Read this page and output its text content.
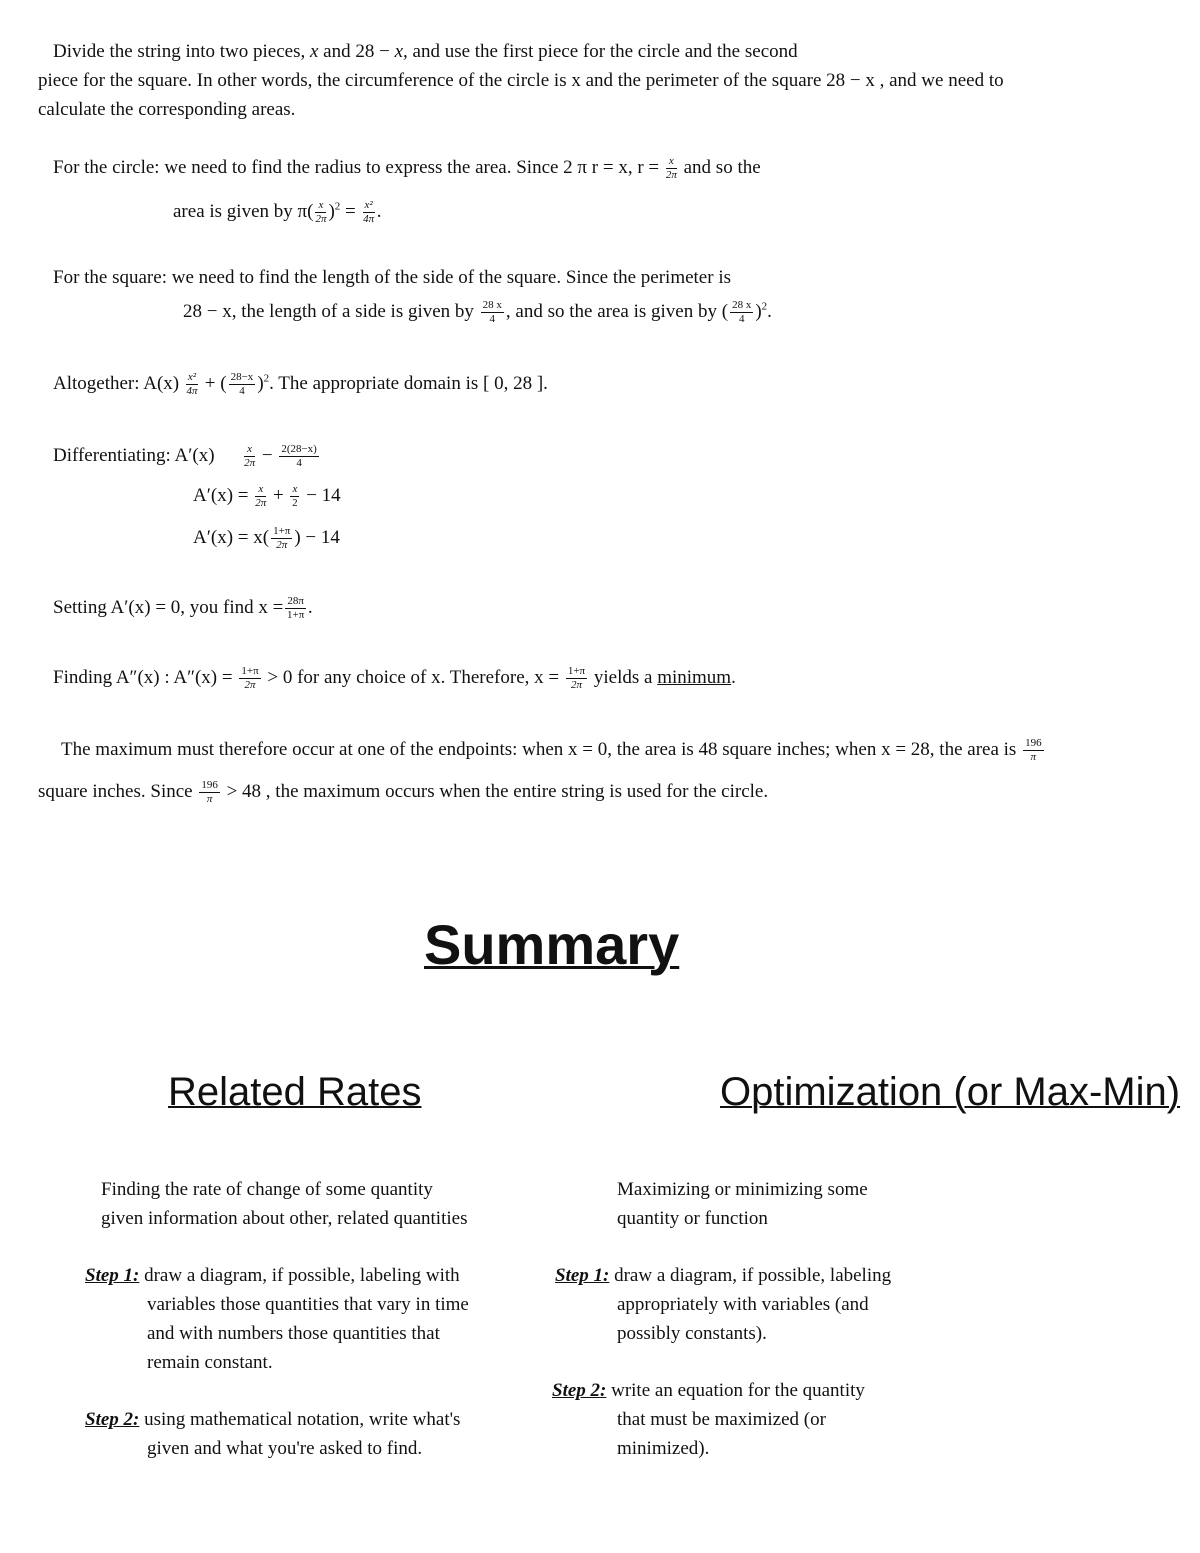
Divide the string into two pieces, x and 28 − x, and use the first piece for the circle and the second
piece for the square. In other words, the circumference of the circle is x and the perimeter of the square 28 − x , and we need to
calculate the corresponding areas.
For the circle: we need to find the radius to express the area. Since 2 π r = x, $r = \frac{x}{2\pi}$ and so the
area is given by $\pi( \frac{x}{2\pi} )^2 = \frac{\text{x²}}{4\pi}$ .
For the square: we need to find the length of the side of the square. Since the perimeter is
28 − x, the length of a side is given by $\frac{28 x}{4}$ , and so the area is given by ( $\frac{28 x}{4} )^2$.
Altogether: $A(x) \frac{\text{x²}}{4\pi}$ + ( $\frac{28-x}{4} )^2$. The appropriate domain is [ 0, 28 ].
Differentiating: A′(x)	$\frac{x}{2\pi} - \frac{2(28-x)}{4}$
$A'(x) = \frac{x}{2\pi} + \frac{x}{2} - 14$
$A'(x) = x( \frac{1+\pi}{2\pi}$ ) − 14
Setting A′(x) = 0, you find $x = \frac{28\pi}{1+\pi}$ .
Finding A″(x) : $A''(x) = \frac{1+\pi}{2\pi} > 0$ for any choice of x. Therefore, $x = \frac{1+\pi}{2\pi}$ yields a minimum.
The maximum must therefore occur at one of the endpoints: when x = 0, the area is 48 square inches; when x = 28, the area is $\frac{196}{\pi}$
square inches. Since $\frac{196}{\pi} > 48$ , the maximum occurs when the entire string is used for the circle.
Summary
Related Rates
Finding the rate of change of some quantity
given information about other, related quantities
Step 1: draw a diagram, if possible, labeling with
variables those quantities that vary in time
and with numbers those quantities that
remain constant.
Step 2: using mathematical notation, write what's
given and what you're asked to find.
Optimization (or Max-Min)
Maximizing or minimizing some
quantity or function
Step 1: draw a diagram, if possible, labeling
appropriately with variables (and
possibly constants).
Step 2: write an equation for the quantity
that must be maximized (or
minimized).
